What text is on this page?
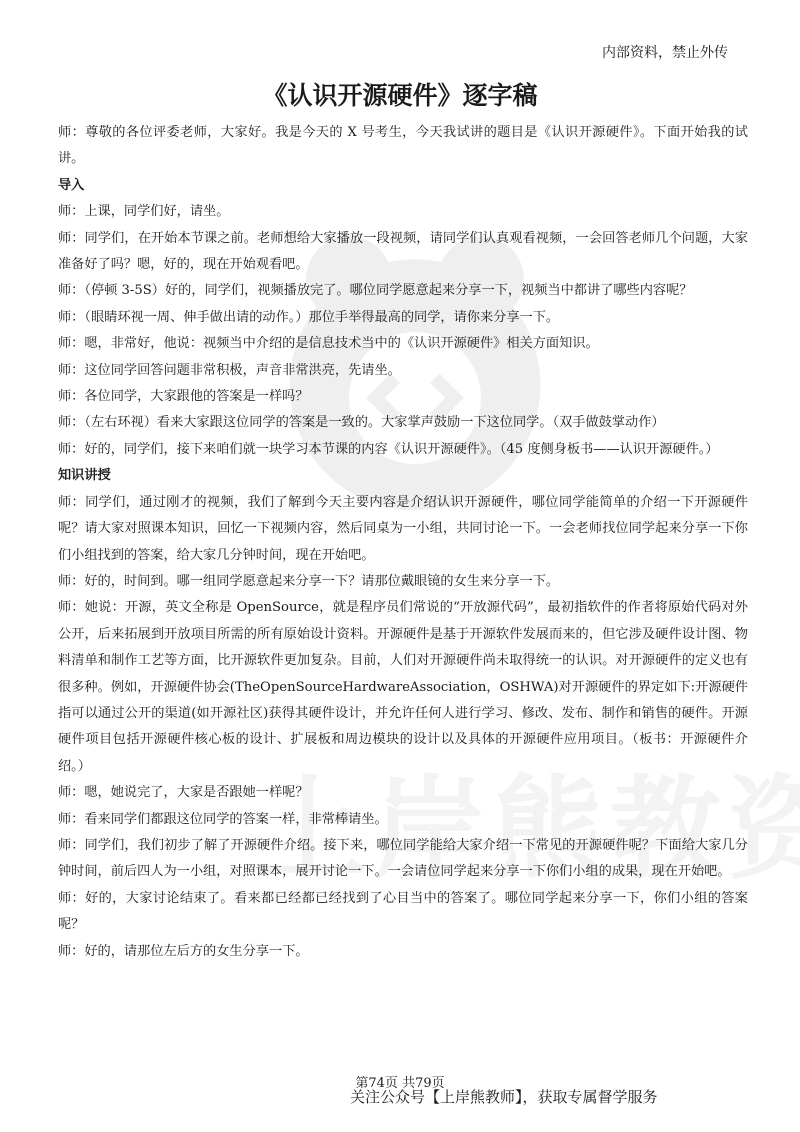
内部资料，禁止外传
《认识开源硬件》逐字稿

师：尊敬的各位评委老师，大家好。我是今天的 X 号考生，今天我试讲的题目是《认识开源硬件》。下面开始我的试讲。

导入

师：上课，同学们好，请坐。

师：同学们，在开始本节课之前。老师想给大家播放一段视频，请同学们认真观看视频，一会回答老师几个问题，大家准备好了吗？嗯，好的，现在开始观看吧。

师：（停顿 3-5S）好的，同学们，视频播放完了。哪位同学愿意起来分享一下，视频当中都讲了哪些内容呢？

师：（眼睛环视一周、伸手做出请的动作。）那位手举得最高的同学，请你来分享一下。

师：嗯，非常好，他说：视频当中介绍的是信息技术当中的《认识开源硬件》相关方面知识。

师：这位同学回答问题非常积极，声音非常洪亮，先请坐。

师：各位同学，大家跟他的答案是一样吗？

师：（左右环视）看来大家跟这位同学的答案是一致的。大家掌声鼓励一下这位同学。（双手做鼓掌动作）

师：好的，同学们，接下来咱们就一块学习本节课的内容《认识开源硬件》。（45 度侧身板书——认识开源硬件。）

知识讲授

师：同学们，通过刚才的视频，我们了解到今天主要内容是介绍认识开源硬件，哪位同学能简单的介绍一下开源硬件呢？请大家对照课本知识，回忆一下视频内容，然后同桌为一小组，共同讨论一下。一会老师找位同学起来分享一下你们小组找到的答案，给大家几分钟时间，现在开始吧。

师：好的，时间到。哪一组同学愿意起来分享一下？请那位戴眼镜的女生来分享一下。

师：她说：开源，英文全称是 OpenSource，就是程序员们常说的“开放源代码”，最初指软件的作者将原始代码对外公开，后来拓展到开放项目所需的所有原始设计资料。开源硬件是基于开源软件发展而来的，但它涉及硬件设计图、物料清单和制作工艺等方面，比开源软件更加复杂。目前，人们对开源硬件尚未取得统一的认识。对开源硬件的定义也有很多种。例如，开源硬件协会(TheOpenSourceHardwareAssociation，OSHWA)对开源硬件的界定如下:开源硬件指可以通过公开的渠道(如开源社区)获得其硬件设计，并允许任何人进行学习、修改、发布、制作和销售的硬件。开源硬件项目包括开源硬件核心板的设计、扩展板和周边模块的设计以及具体的开源硬件应用项目。（板书：开源硬件介绍。）

师：嗯，她说完了，大家是否跟她一样呢？

师：看来同学们都跟这位同学的答案一样，非常棒请坐。

师：同学们，我们初步了解了开源硬件介绍。接下来，哪位同学能给大家介绍一下常见的开源硬件呢？下面给大家几分钟时间，前后四人为一小组，对照课本，展开讨论一下。一会请位同学起来分享一下你们小组的成果，现在开始吧。

师：好的，大家讨论结束了。看来都已经都已经找到了心目当中的答案了。哪位同学起来分享一下，你们小组的答案呢？

师：好的，请那位左后方的女生分享一下。

第74页 共79页
关注公众号【上岸熊教师】，获取专属督学服务
